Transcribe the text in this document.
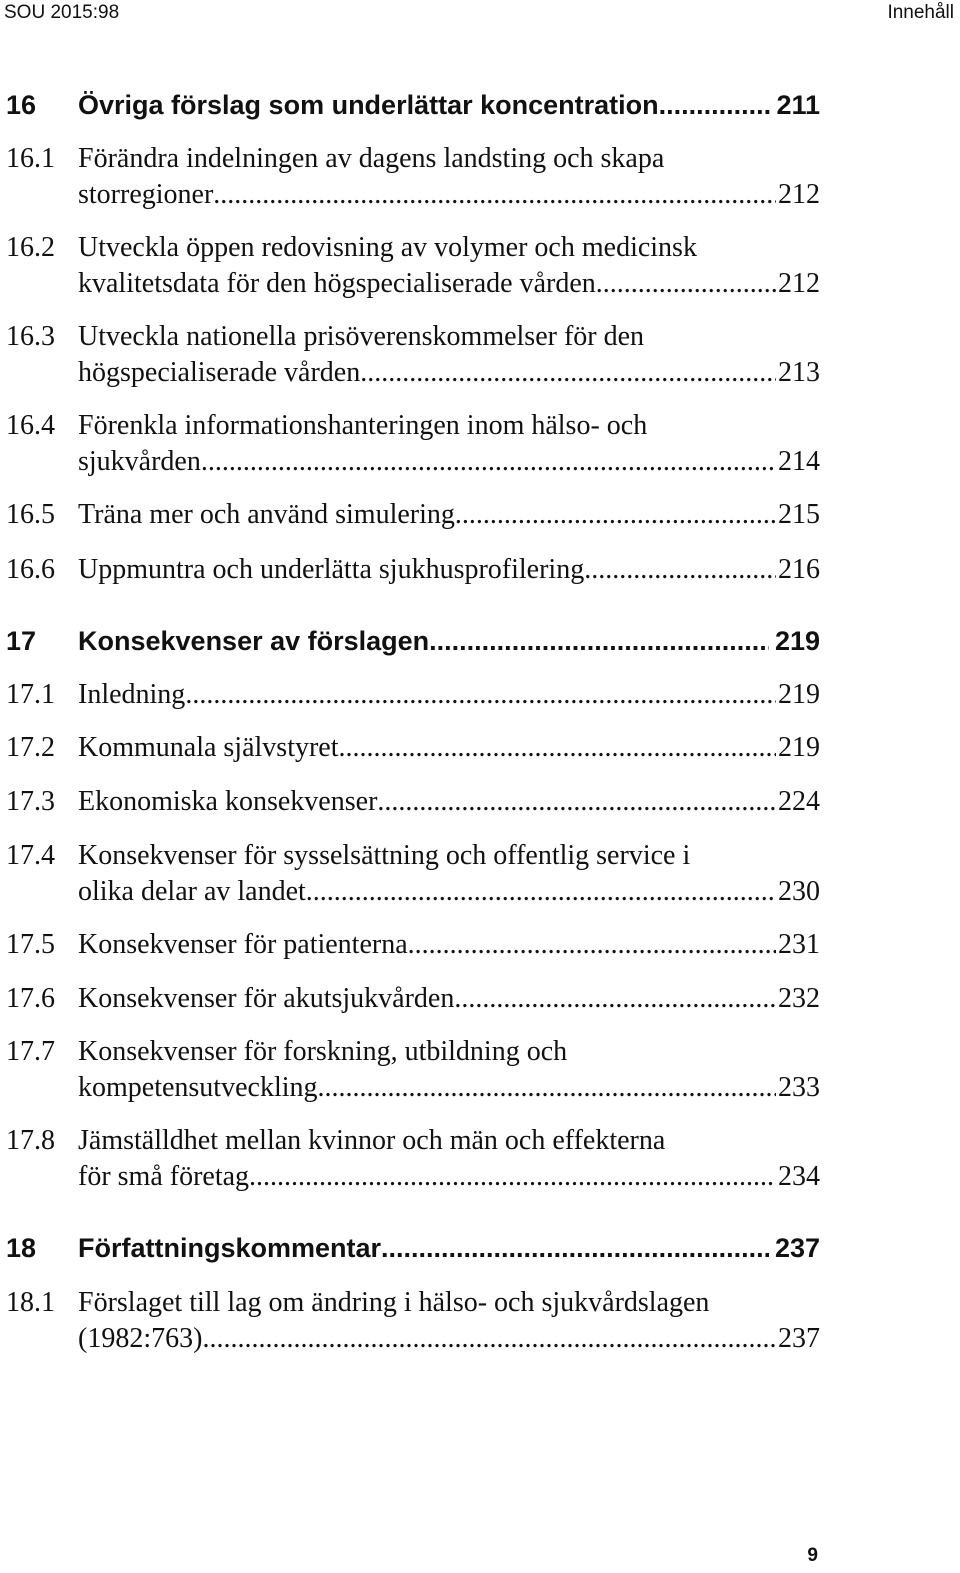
SOU 2015:98	Innehåll
16 Övriga förslag som underlättar koncentration .....	211
16.1 Förändra indelningen av dagens landsting och skapa
storregioner .....	212
16.2 Utveckla öppen redovisning av volymer och medicinsk
kvalitetsdata för den högspecialiserade vården .....	212
16.3 Utveckla nationella prisöverenskommelser för den
högspecialiserade vården .....	213
16.4 Förenkla informationshanteringen inom hälso- och
sjukvården .....	214
16.5 Träna mer och använd simulering .....	215
16.6 Uppmuntra och underlätta sjukhusprofilering .....	216
17 Konsekvenser av förslagen .....	219
17.1 Inledning .....	219
17.2 Kommunala självstyret .....	219
17.3 Ekonomiska konsekvenser .....	224
17.4 Konsekvenser för sysselsättning och offentlig service i
olika delar av landet .....	230
17.5 Konsekvenser för patienterna .....	231
17.6 Konsekvenser för akutsjukvården .....	232
17.7 Konsekvenser för forskning, utbildning och
kompetensutveckling .....	233
17.8 Jämställdhet mellan kvinnor och män och effekterna
för små företag .....	234
18 Författningskommentar .....	237
18.1 Förslaget till lag om ändring i hälso- och sjukvårdslagen
(1982:763) .....	237
9
